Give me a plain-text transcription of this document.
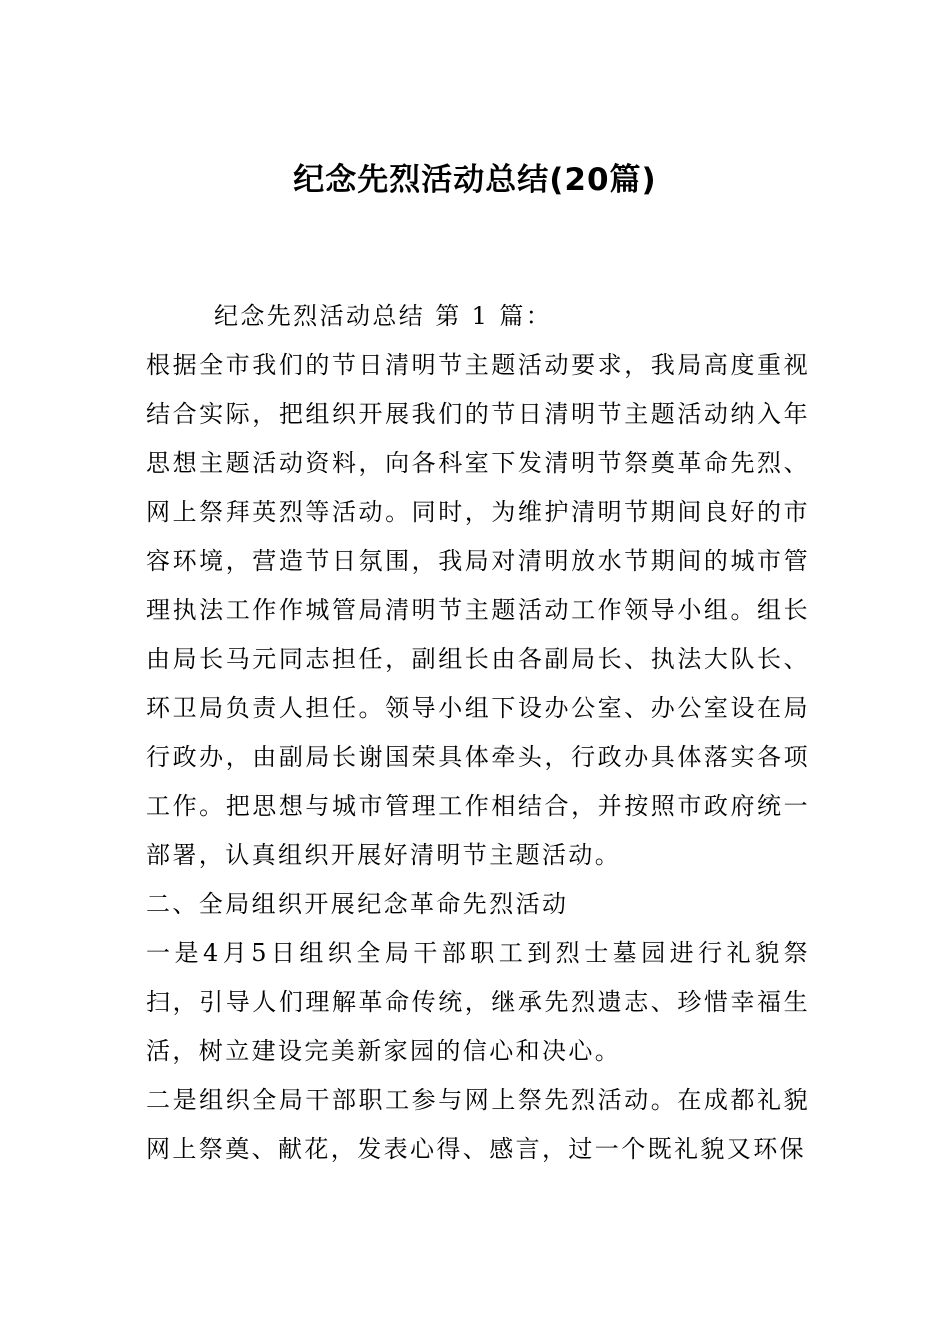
纪念先烈活动总结(20篇)

纪念先烈活动总结 第 1 篇：

根据全市我们的节日清明节主题活动要求，我局高度重视结合实际，把组织开展我们的节日清明节主题活动纳入年思想主题活动资料，向各科室下发清明节祭奠革命先烈、网上祭拜英烈等活动。同时，为维护清明节期间良好的市容环境，营造节日氛围，我局对清明放水节期间的城市管理执法工作作城管局清明节主题活动工作领导小组。组长由局长马元同志担任，副组长由各副局长、执法大队长、环卫局负责人担任。领导小组下设办公室、办公室设在局行政办，由副局长谢国荣具体牵头，行政办具体落实各项工作。把思想与城市管理工作相结合，并按照市政府统一部署，认真组织开展好清明节主题活动。

二、全局组织开展纪念革命先烈活动

一是4月5日组织全局干部职工到烈士墓园进行礼貌祭扫，引导人们理解革命传统，继承先烈遗志、珍惜幸福生活，树立建设完美新家园的信心和决心。

二是组织全局干部职工参与网上祭先烈活动。在成都礼貌网上祭奠、献花，发表心得、感言，过一个既礼貌又环保
